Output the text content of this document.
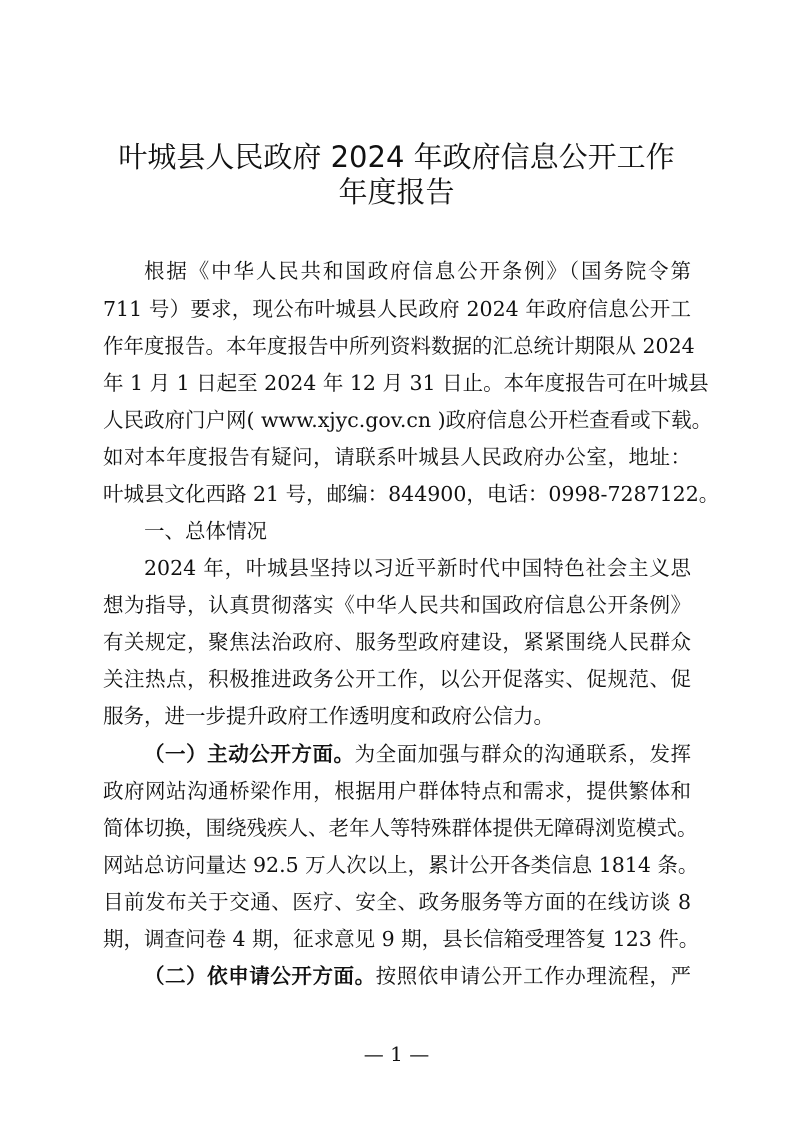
叶城县人民政府 2024 年政府信息公开工作
年度报告
根据《中华人民共和国政府信息公开条例》（国务院令第
711 号）要求，现公布叶城县人民政府 2024 年政府信息公开工
作年度报告。本年度报告中所列资料数据的汇总统计期限从 2024
年 1 月 1 日起至 2024 年 12 月 31 日止。本年度报告可在叶城县
人民政府门户网( www.xjyc.gov.cn )政府信息公开栏查看或下载。
如对本年度报告有疑问，请联系叶城县人民政府办公室，地址：
叶城县文化西路 21 号，邮编：844900，电话：0998-7287122。
一、总体情况
2024 年，叶城县坚持以习近平新时代中国特色社会主义思
想为指导，认真贯彻落实《中华人民共和国政府信息公开条例》
有关规定，聚焦法治政府、服务型政府建设，紧紧围绕人民群众
关注热点，积极推进政务公开工作，以公开促落实、促规范、促
服务，进一步提升政府工作透明度和政府公信力。
（一）主动公开方面。为全面加强与群众的沟通联系，发挥
政府网站沟通桥梁作用，根据用户群体特点和需求，提供繁体和
简体切换，围绕残疾人、老年人等特殊群体提供无障碍浏览模式。
网站总访问量达 92.5 万人次以上，累计公开各类信息 1814 条。
目前发布关于交通、医疗、安全、政务服务等方面的在线访谈 8
期，调查问卷 4 期，征求意见 9 期，县长信箱受理答复 123 件。
（二）依申请公开方面。按照依申请公开工作办理流程，严
— 1 —
